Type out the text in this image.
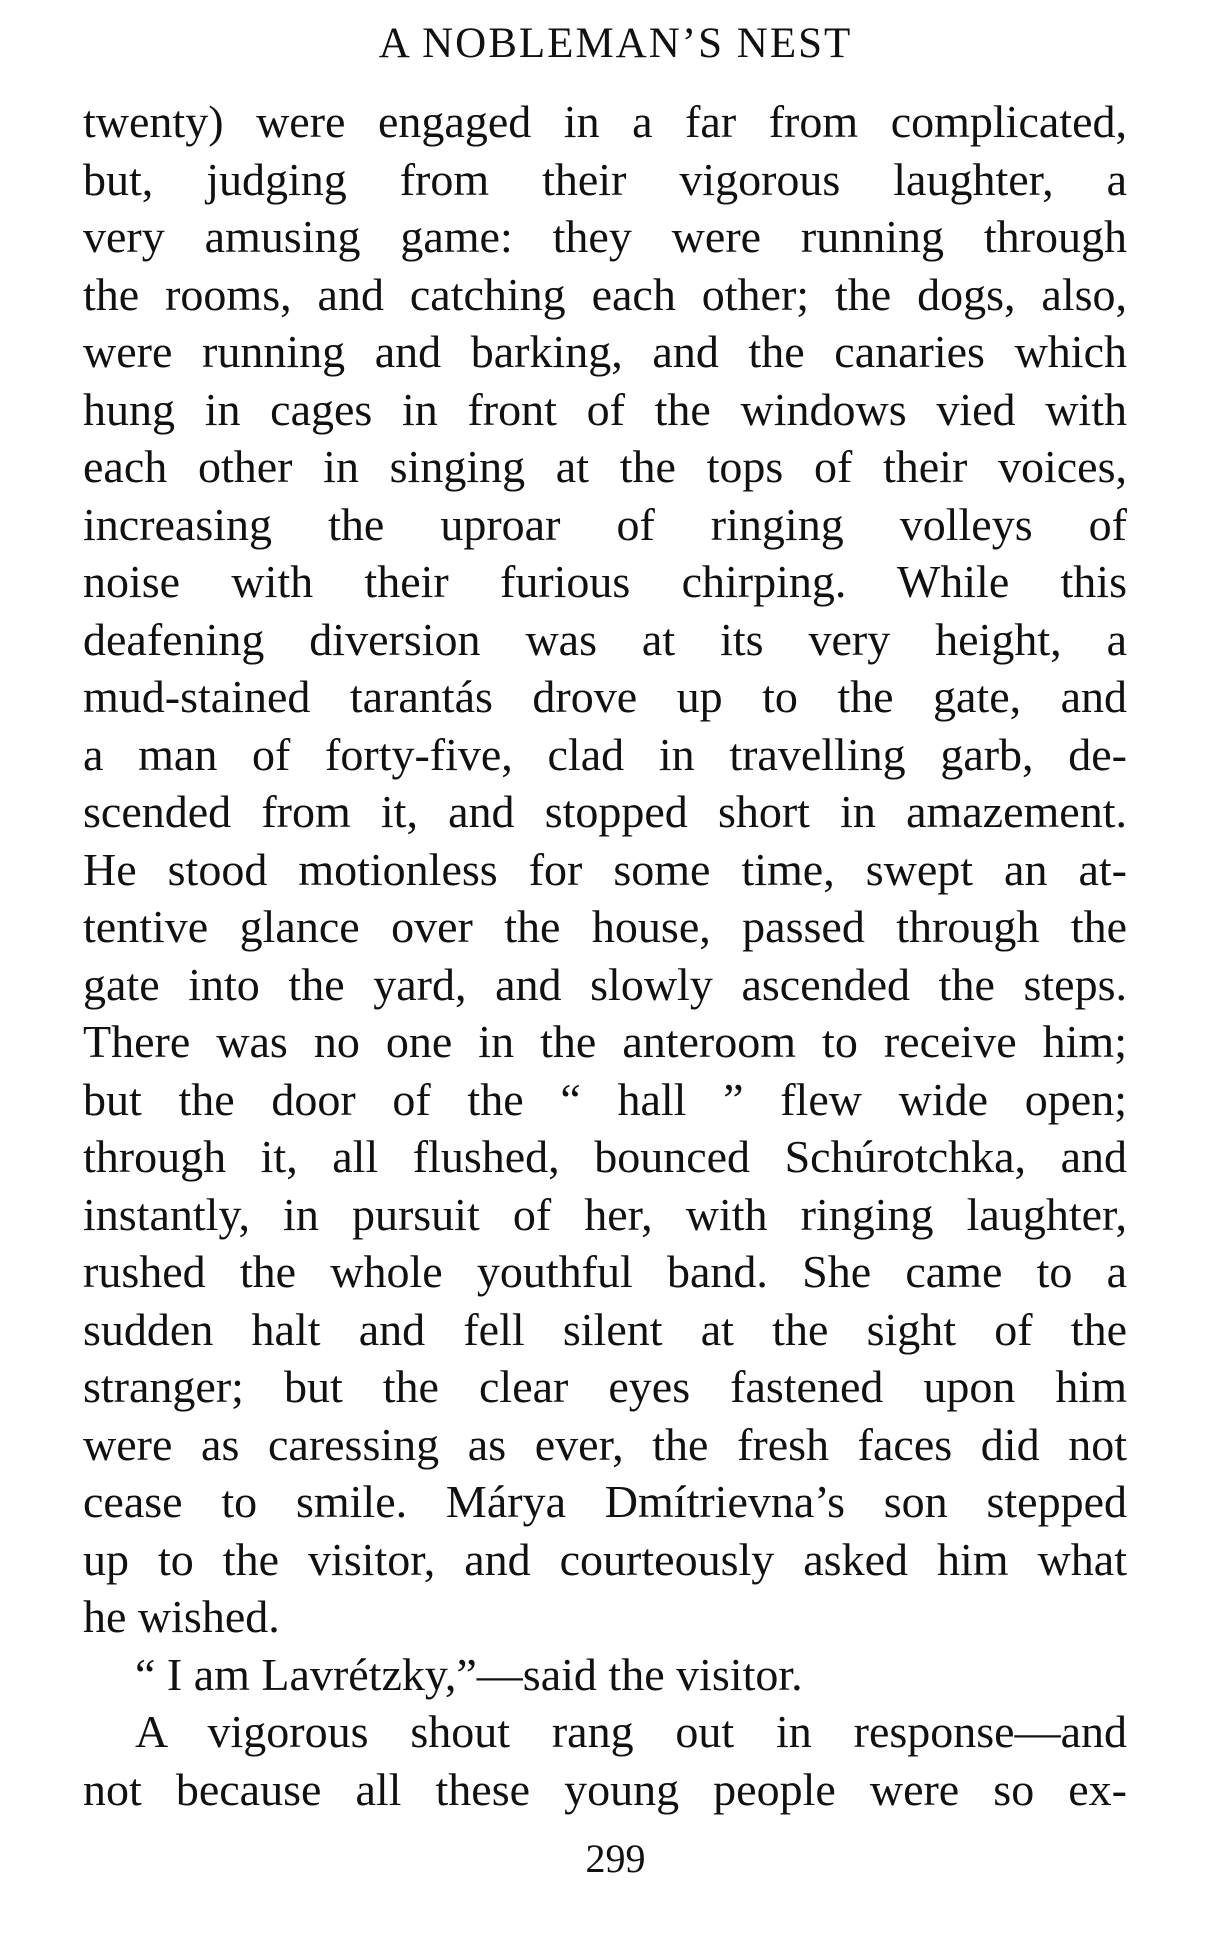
A NOBLEMAN’S NEST
twenty) were engaged in a far from complicated,
but, judging from their vigorous laughter, a
very amusing game: they were running through
the rooms, and catching each other; the dogs, also,
were running and barking, and the canaries which
hung in cages in front of the windows vied with
each other in singing at the tops of their voices,
increasing the uproar of ringing volleys of
noise with their furious chirping. While this
deafening diversion was at its very height, a
mud-stained tarantás drove up to the gate, and
a man of forty-five, clad in travelling garb, de-
scended from it, and stopped short in amazement.
He stood motionless for some time, swept an at-
tentive glance over the house, passed through the
gate into the yard, and slowly ascended the steps.
There was no one in the anteroom to receive him;
but the door of the “ hall ” flew wide open;
through it, all flushed, bounced Schúrotchka, and
instantly, in pursuit of her, with ringing laughter,
rushed the whole youthful band. She came to a
sudden halt and fell silent at the sight of the
stranger; but the clear eyes fastened upon him
were as caressing as ever, the fresh faces did not
cease to smile. Márya Dmítrievna’s son stepped
up to the visitor, and courteously asked him what
he wished.
“ I am Lavrétzky,”—said the visitor.
A vigorous shout rang out in response—and
not because all these young people were so ex-
299
